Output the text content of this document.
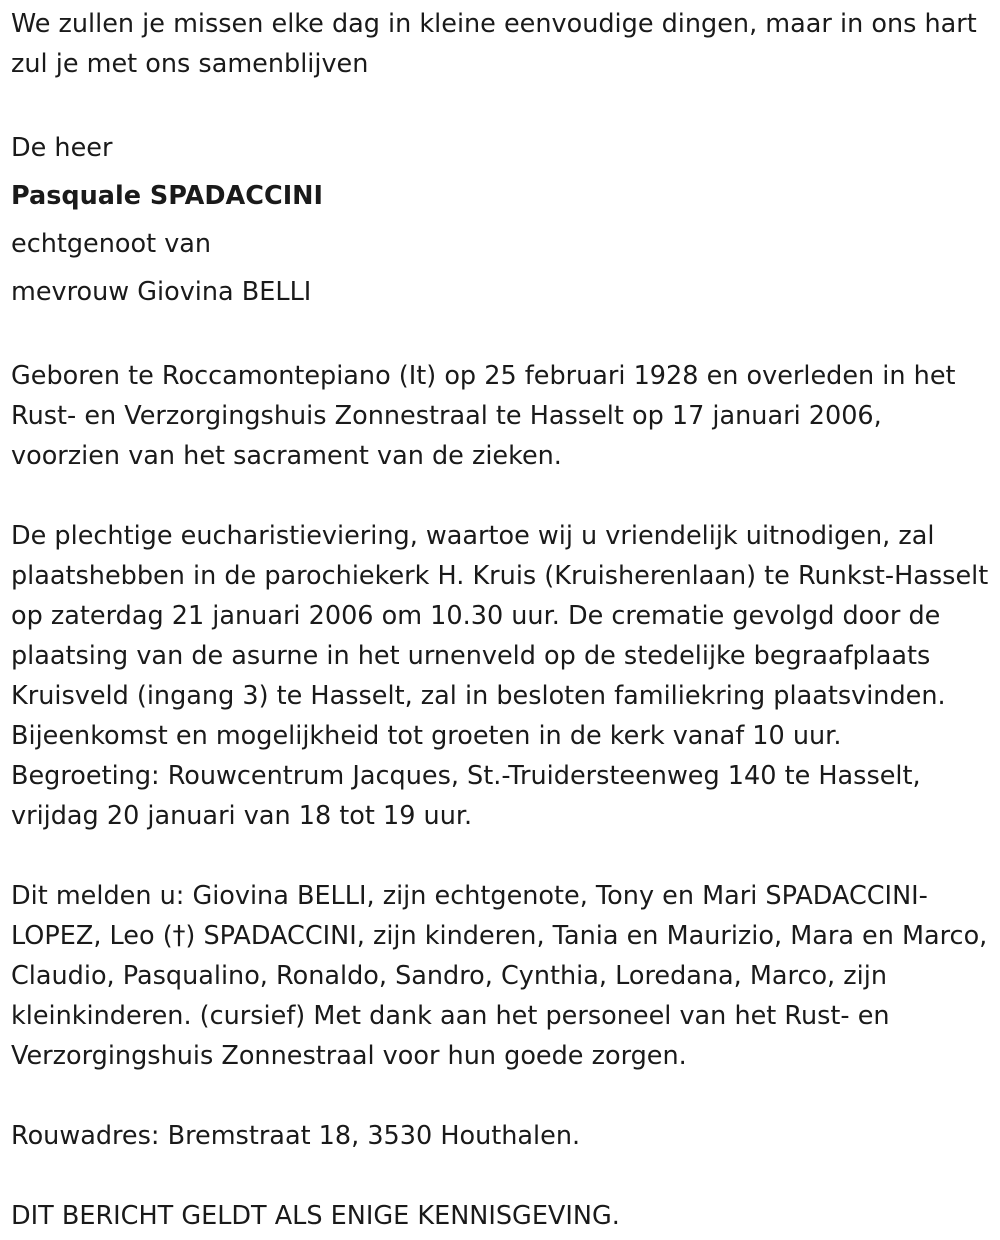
We zullen je missen elke dag in kleine eenvoudige dingen, maar in ons hart zul je met ons samenblijven

De heer

Pasquale SPADACCINI

echtgenoot van

mevrouw Giovina BELLI

Geboren te Roccamontepiano (It) op 25 februari 1928 en overleden in het Rust- en Verzorgingshuis Zonnestraal te Hasselt op 17 januari 2006, voorzien van het sacrament van de zieken.

De plechtige eucharistieviering, waartoe wij u vriendelijk uitnodigen, zal plaatshebben in de parochiekerk H. Kruis (Kruisherenlaan) te Runkst-Hasselt op zaterdag 21 januari 2006 om 10.30 uur. De crematie gevolgd door de plaatsing van de asurne in het urnenveld op de stedelijke begraafplaats Kruisveld (ingang 3) te Hasselt, zal in besloten familiekring plaatsvinden. Bijeenkomst en mogelijkheid tot groeten in de kerk vanaf 10 uur. Begroeting: Rouwcentrum Jacques, St.-Truidersteenweg 140 te Hasselt, vrijdag 20 januari van 18 tot 19 uur.

Dit melden u: Giovina BELLI, zijn echtgenote, Tony en Mari SPADACCINI-LOPEZ, Leo (†) SPADACCINI, zijn kinderen, Tania en Maurizio, Mara en Marco, Claudio, Pasqualino, Ronaldo, Sandro, Cynthia, Loredana, Marco, zijn kleinkinderen. (cursief) Met dank aan het personeel van het Rust- en Verzorgingshuis Zonnestraal voor hun goede zorgen.

Rouwadres: Bremstraat 18, 3530 Houthalen.

DIT BERICHT GELDT ALS ENIGE KENNISGEVING.
